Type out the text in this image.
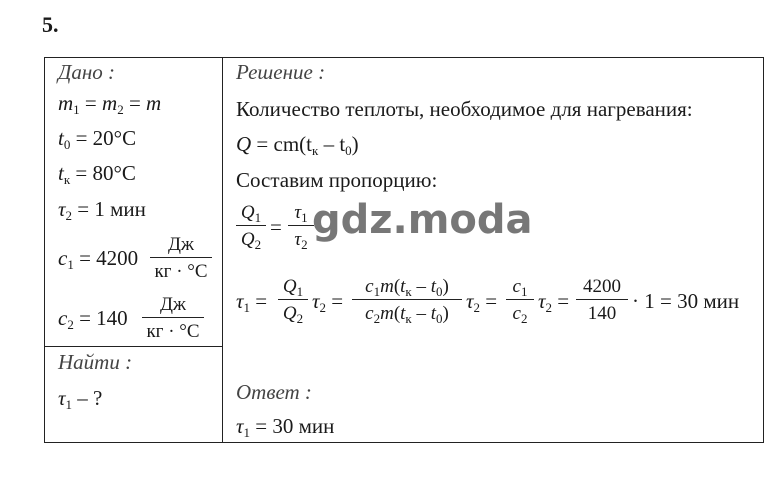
5.
Дано :
$m_1 = m_2 = m$
$t_0 = 20^\circ C$
$t_к = 80^\circ C$
$\tau_2 = 1$ мин
$c_1 = 4200$
Дж
кг · °C
$c_2 = 140$
Дж
кг · °C
Найти :
$\tau_1$ – ?
Решение :
Количество теплоты, необходимое для нагревания:
$Q = cm(t_к - t_0)$
Составим пропорцию:
$Q_1$
$Q_2$
=
$\tau_1$
$\tau_2$
gdz.moda
$\tau_1$ =
$Q_1$
$Q_2$
$\tau_2$ =
$c_1m(t_к - t_0)$
$c_2m(t_к - t_0)$
$\tau_2$ =
$c_1$
$c_2$
$\tau_2$ =
4200
140
· 1 = 30 мин
Ответ :
$\tau_1 = 30$ мин
